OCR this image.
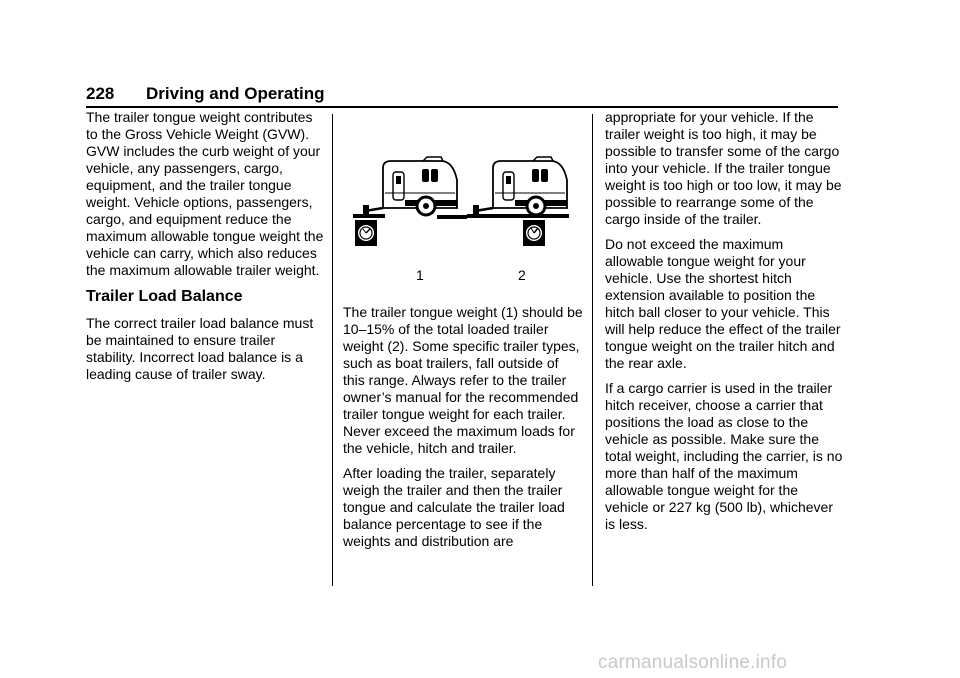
228 Driving and Operating

The trailer tongue weight contributes to the Gross Vehicle Weight (GVW). GVW includes the curb weight of your vehicle, any passengers, cargo, equipment, and the trailer tongue weight. Vehicle options, passengers, cargo, and equipment reduce the maximum allowable tongue weight the vehicle can carry, which also reduces the maximum allowable trailer weight.

Trailer Load Balance

The correct trailer load balance must be maintained to ensure trailer stability. Incorrect load balance is a leading cause of trailer sway.

1	2

The trailer tongue weight (1) should be 10–15% of the total loaded trailer weight (2). Some specific trailer types, such as boat trailers, fall outside of this range. Always refer to the trailer owner’s manual for the recommended trailer tongue weight for each trailer. Never exceed the maximum loads for the vehicle, hitch and trailer.

After loading the trailer, separately weigh the trailer and then the trailer tongue and calculate the trailer load balance percentage to see if the weights and distribution are

appropriate for your vehicle. If the trailer weight is too high, it may be possible to transfer some of the cargo into your vehicle. If the trailer tongue weight is too high or too low, it may be possible to rearrange some of the cargo inside of the trailer.

Do not exceed the maximum allowable tongue weight for your vehicle. Use the shortest hitch extension available to position the hitch ball closer to your vehicle. This will help reduce the effect of the trailer tongue weight on the trailer hitch and the rear axle.

If a cargo carrier is used in the trailer hitch receiver, choose a carrier that positions the load as close to the vehicle as possible. Make sure the total weight, including the carrier, is no more than half of the maximum allowable tongue weight for the vehicle or 227 kg (500 lb), whichever is less.

carmanualsonline.info
